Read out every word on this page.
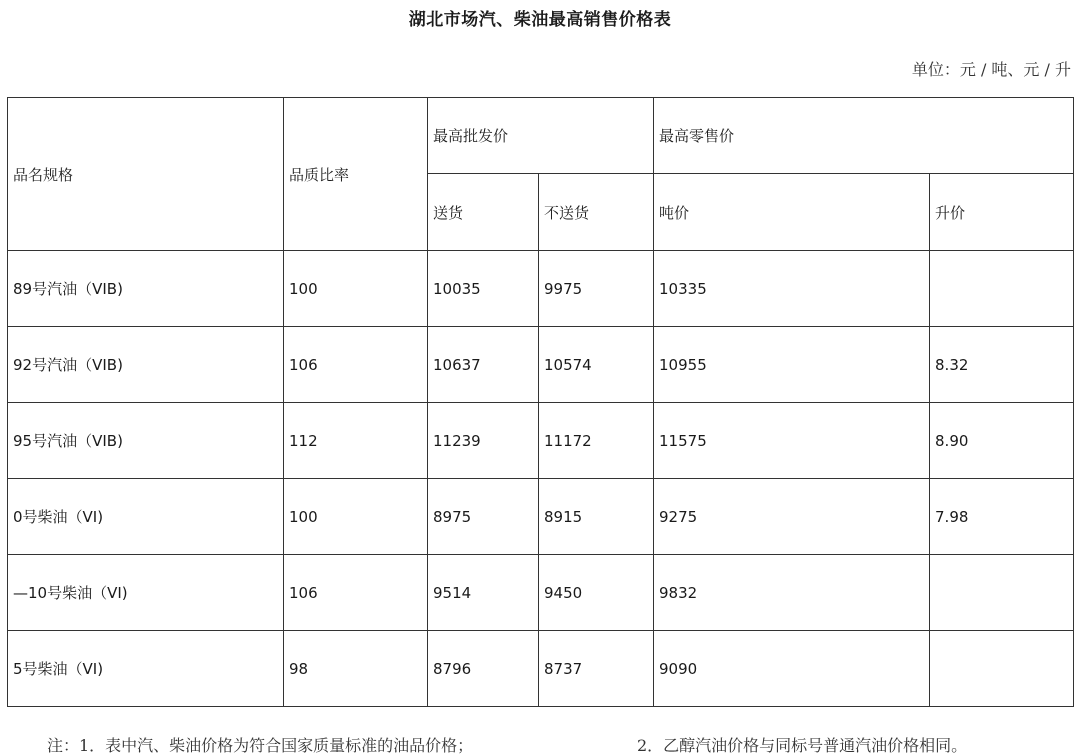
湖北市场汽、柴油最高销售价格表
单位：元 / 吨、元 / 升
品名规格	品质比率	最高批发价		最高零售价	
		送货	不送货	吨价	升价
89号汽油（VIB)	100	10035	9975	10335	
92号汽油（VIB)	106	10637	10574	10955	8.32
95号汽油（VIB)	112	11239	11172	11575	8.90
0号柴油（VI)	100	8975	8915	9275	7.98
—10号柴油（VI)	106	9514	9450	9832	
5号柴油（VI)	98	8796	8737	9090	
注：1．表中汽、柴油价格为符合国家质量标准的油品价格；	2．乙醇汽油价格与同标号普通汽油价格相同。
